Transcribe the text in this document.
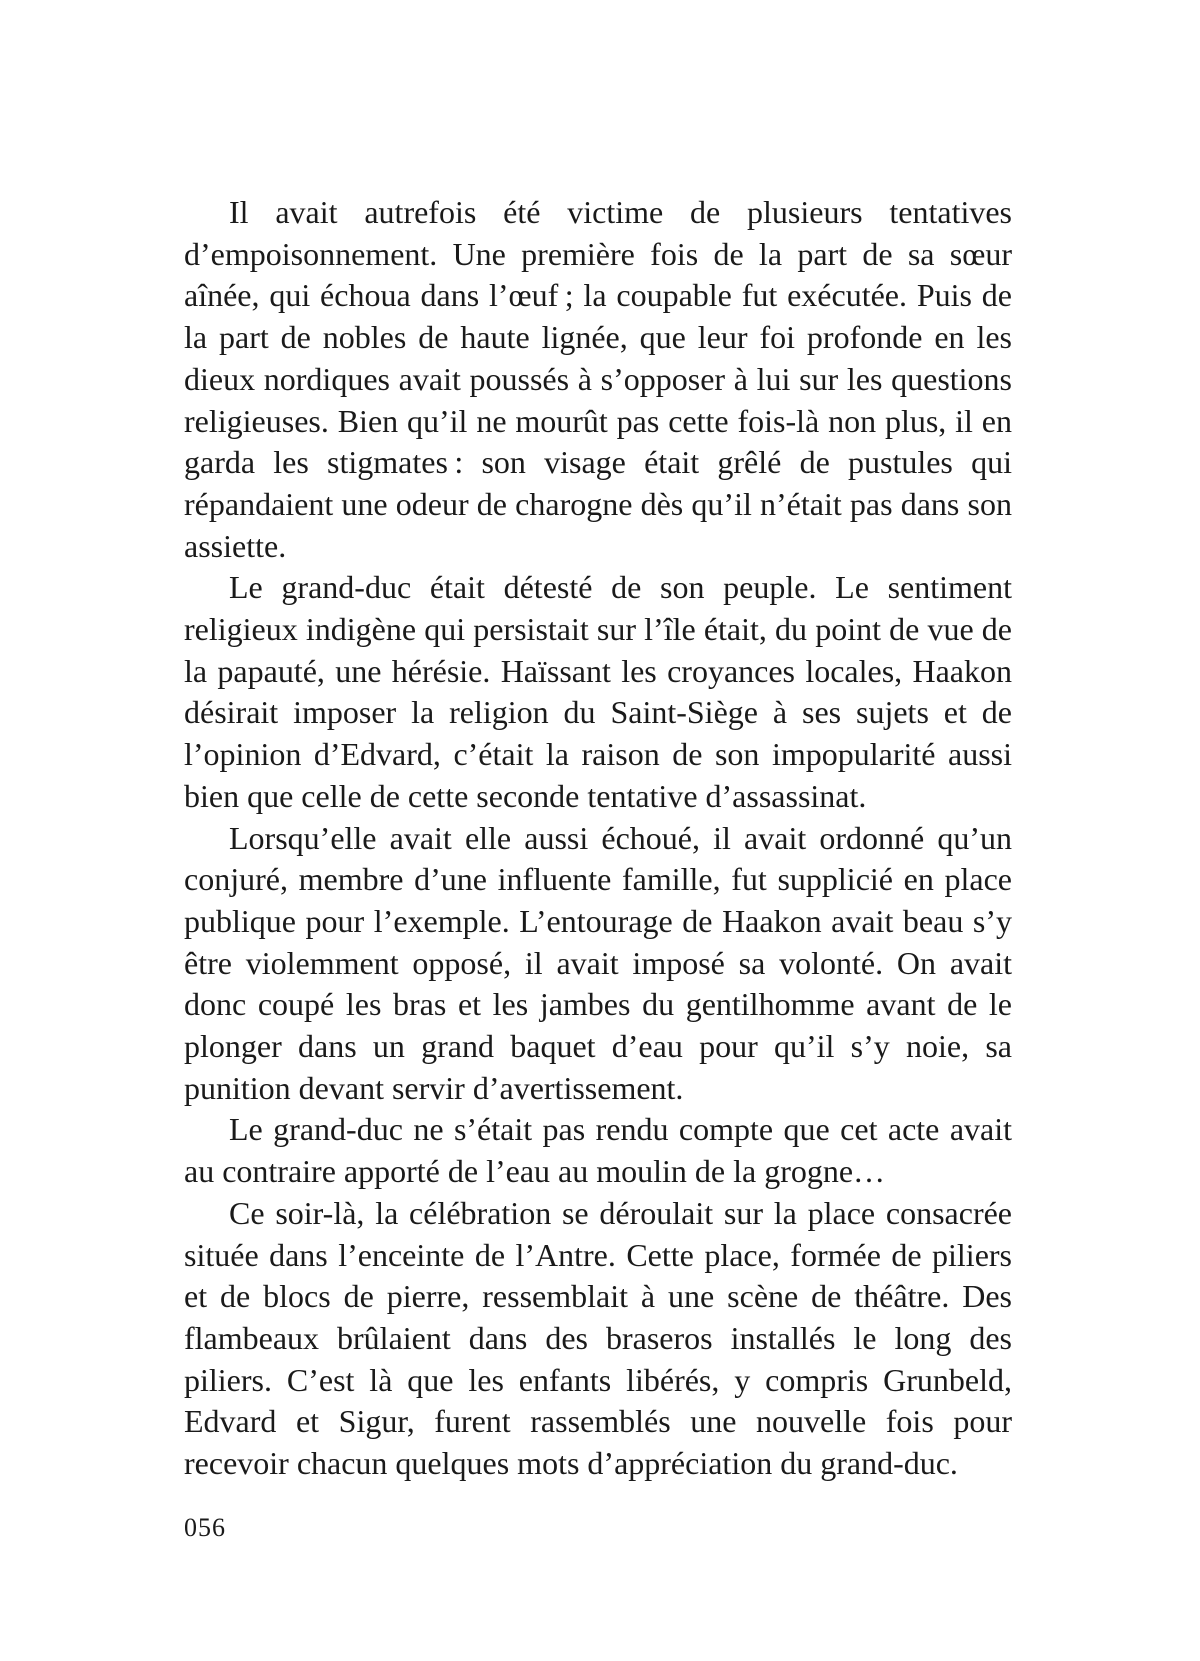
Il avait autrefois été victime de plusieurs tentatives d’empoisonnement. Une première fois de la part de sa sœur aînée, qui échoua dans l’œuf ; la coupable fut exécutée. Puis de la part de nobles de haute lignée, que leur foi profonde en les dieux nordiques avait poussés à s’opposer à lui sur les questions religieuses. Bien qu’il ne mourût pas cette fois-là non plus, il en garda les stigmates : son visage était grêlé de pustules qui répandaient une odeur de charogne dès qu’il n’était pas dans son assiette.

Le grand-duc était détesté de son peuple. Le sentiment religieux indigène qui persistait sur l’île était, du point de vue de la papauté, une hérésie. Haïssant les croyances locales, Haakon désirait imposer la religion du Saint-Siège à ses sujets et de l’opinion d’Edvard, c’était la raison de son impopularité aussi bien que celle de cette seconde tentative d’assassinat.

Lorsqu’elle avait elle aussi échoué, il avait ordonné qu’un conjuré, membre d’une influente famille, fut supplicié en place publique pour l’exemple. L’entourage de Haakon avait beau s’y être violemment opposé, il avait imposé sa volonté. On avait donc coupé les bras et les jambes du gentilhomme avant de le plonger dans un grand baquet d’eau pour qu’il s’y noie, sa punition devant servir d’avertissement.

Le grand-duc ne s’était pas rendu compte que cet acte avait au contraire apporté de l’eau au moulin de la grogne…

Ce soir-là, la célébration se déroulait sur la place consacrée située dans l’enceinte de l’Antre. Cette place, formée de piliers et de blocs de pierre, ressemblait à une scène de théâtre. Des flambeaux brûlaient dans des braseros installés le long des piliers. C’est là que les enfants libérés, y compris Grunbeld, Edvard et Sigur, furent rassemblés une nouvelle fois pour recevoir chacun quelques mots d’appréciation du grand-duc.

056
